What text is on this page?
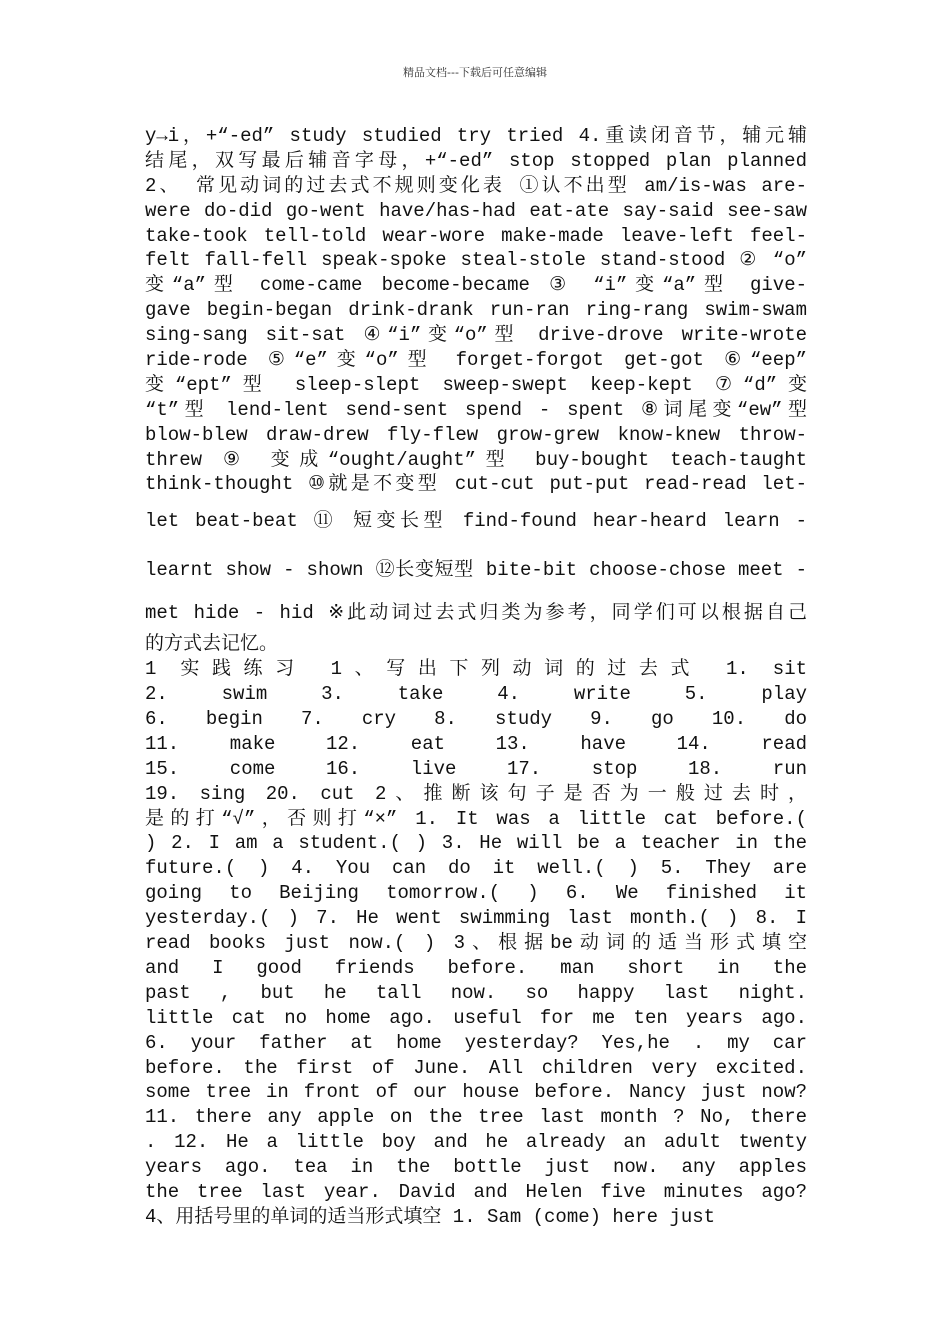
精品文档---下载后可任意编辑
y→i，+“-ed” study studied try tried 4.重读闭音节，辅元辅
结尾，双写最后辅音字母，+“-ed” stop stopped plan planned
2、 常见动词的过去式不规则变化表 ①认不出型 am/is-was are-
were do-did go-went have/has-had eat-ate say-said see-saw
take-took tell-told wear-wore make-made leave-left feel-
felt fall-fell speak-spoke steal-stole stand-stood ② “o”
变“a”型 come-came become-became ③ “i”变“a”型 give-
gave begin-began drink-drank run-ran ring-rang swim-swam
sing-sang sit-sat ④“i”变“o”型 drive-drove write-wrote
ride-rode ⑤“e”变“o”型 forget-forgot get-got ⑥“eep”
变“ept”型 sleep-slept sweep-swept keep-kept ⑦“d”变
“t”型 lend-lent send-sent spend - spent ⑧词尾变“ew”型
blow-blew draw-drew fly-flew grow-grew know-knew throw-
threw ⑨ 变成“ought/aught”型 buy-bought teach-taught
think-thought ⑩就是不变型 cut-cut put-put read-read let-
let beat-beat ⑪ 短变长型 find-found hear-heard learn -
learnt show - shown ⑫长变短型 bite-bit choose-chose meet -
met hide - hid ※此动词过去式归类为参考，同学们可以根据自己
的方式去记忆。
1 实践练习 1、写出下列动词的过去式 1. sit
2. swim 3. take 4. write 5. play
6. begin 7. cry 8. study 9. go 10. do
11. make 12. eat 13. have 14. read
15. come 16. live 17. stop 18. run
19. sing 20. cut 2、推断该句子是否为一般过去时，
是的打“√”，否则打“×” 1. It was a little cat before.(
) 2. I am a student.( ) 3. He will be a teacher in the
future.( ) 4. You can do it well.( ) 5. They are
going to Beijing tomorrow.( ) 6. We finished it
yesterday.( ) 7. He went swimming last month.( ) 8. I
read books just now.( ) 3、根据be动词的适当形式填空
and I good friends before. man short in the
past , but he tall now. so happy last night.
little cat no home ago. useful for me ten years ago.
6. your father at home yesterday? Yes,he . my car
before. the first of June. All children very excited.
some tree in front of our house before. Nancy just now?
11. there any apple on the tree last month ? No, there
. 12. He a little boy and he already an adult twenty
years ago. tea in the bottle just now. any apples
the tree last year. David and Helen five minutes ago?
4、用括号里的单词的适当形式填空 1. Sam (come) here just
